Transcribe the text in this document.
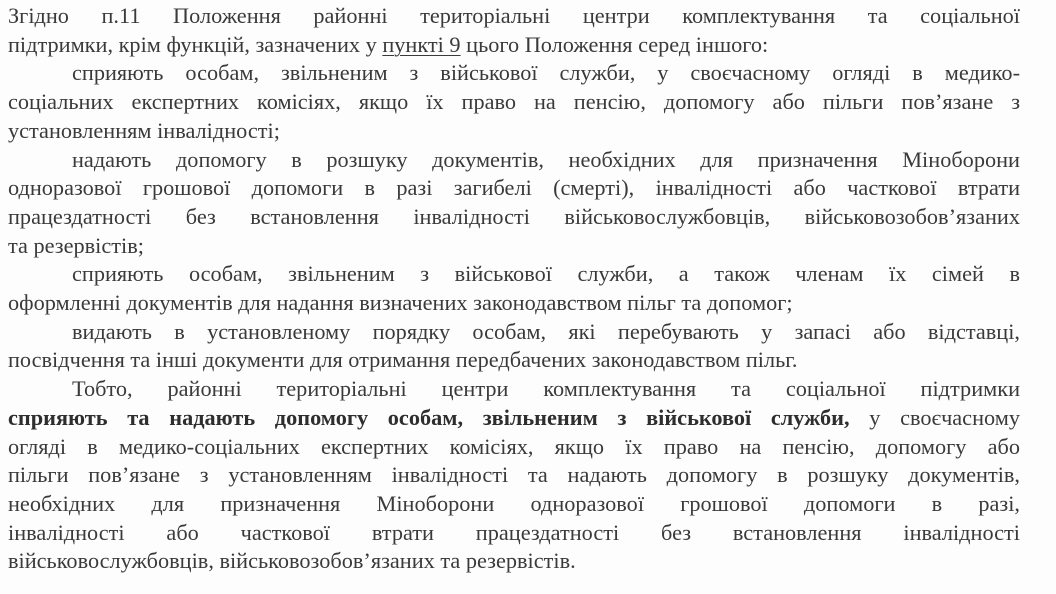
Згідно п.11 Положення районні територіальні центри комплектування та соціальної
підтримки, крім функцій, зазначених у пункті 9 цього Положення серед іншого:
сприяють особам, звільненим з військової служби, у своєчасному огляді в медико-
соціальних експертних комісіях, якщо їх право на пенсію, допомогу або пільги пов’язане з
установленням інвалідності;
надають допомогу в розшуку документів, необхідних для призначення Міноборони
одноразової грошової допомоги в разі загибелі (смерті), інвалідності або часткової втрати
працездатності без встановлення інвалідності військовослужбовців, військовозобов’язаних
та резервістів;
сприяють особам, звільненим з військової служби, а також членам їх сімей в
оформленні документів для надання визначених законодавством пільг та допомог;
видають в установленому порядку особам, які перебувають у запасі або відставці,
посвідчення та інші документи для отримання передбачених законодавством пільг.
Тобто, районні територіальні центри комплектування та соціальної підтримки
сприяють та надають допомогу особам, звільненим з військової служби, у своєчасному
огляді в медико-соціальних експертних комісіях, якщо їх право на пенсію, допомогу або
пільги пов’язане з установленням інвалідності та надають допомогу в розшуку документів,
необхідних для призначення Міноборони одноразової грошової допомоги в разі,
інвалідності або часткової втрати працездатності без встановлення інвалідності
військовослужбовців, військовозобов’язаних та резервістів.
